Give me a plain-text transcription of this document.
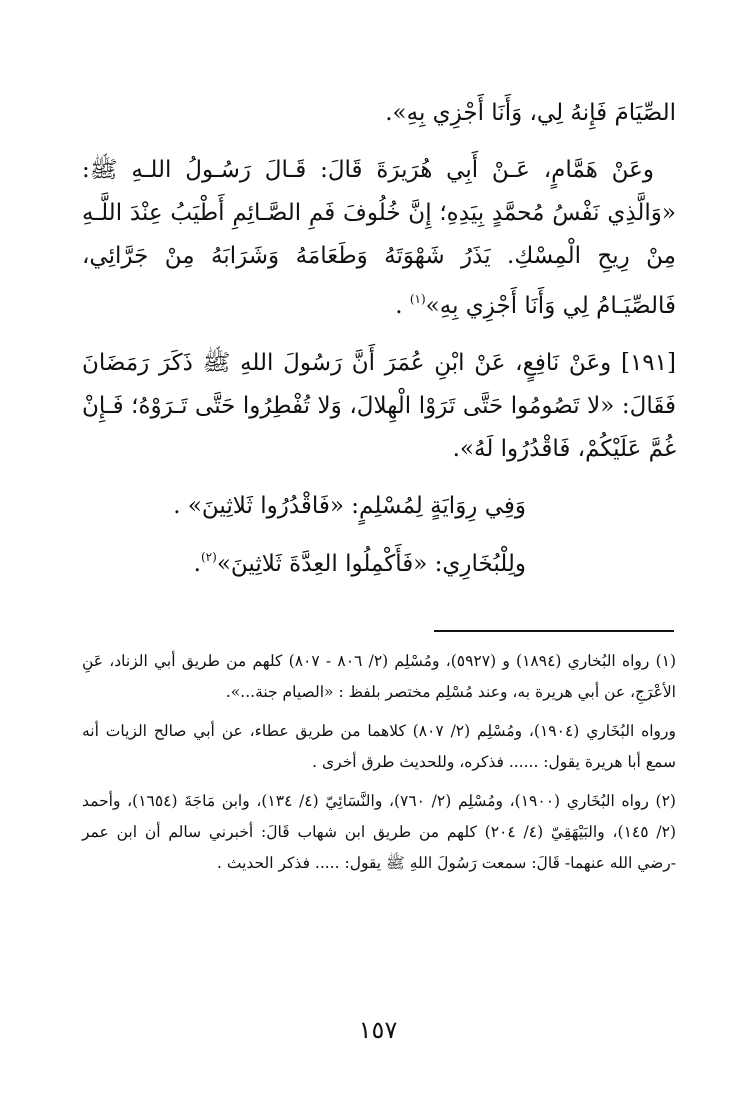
الصِّيَامَ فَإِنهُ لِي، وَأَنَا أَجْزِي بِهِ».

وعَنْ هَمَّامٍ، عَـنْ أَبِي هُرَيرَةَ قَالَ: قَـالَ رَسُـولُ اللـهِ ﷺ: «وَالَّذِي نَفْسُ مُحمَّدٍ بِيَدِهِ؛ إِنَّ خُلُوفَ فَمِ الصَّـائِمِ أَطْيَبُ عِنْدَ اللَّـهِ مِنْ رِيحِ الْمِسْكِ. يَذَرُ شَهْوَتَهُ وَطَعَامَهُ وَشَرَابَهُ مِنْ جَرَّائِي، فَالصِّيَـامُ لِي وَأَنَا أَجْزِي بِهِ»$^{(١)}$ .

[١٩١] وعَنْ نَافِعٍ، عَنْ ابْنِ عُمَرَ أَنَّ رَسُولَ اللهِ ﷺ ذَكَرَ رَمَضَانَ فَقَالَ: «لا تَصُومُوا حَتَّى تَرَوْا الْهِلالَ، وَلا تُفْطِرُوا حَتَّى تَـرَوْهُ؛ فَـإِنْ غُمَّ عَلَيْكُمْ، فَاقْدُرُوا لَهُ».

وَفِي رِوَايَةٍ لِمُسْلِمٍ: «فَاقْدُرُوا ثَلاثِينَ» .

ولِلْبُخَارِي: «فَأَكْمِلُوا العِدَّةَ ثَلاثِينَ»$^{(٢)}$.

(١) رواه البُخاري (١٨٩٤) و (٥٩٢٧)، ومُسْلِم (٢/ ٨٠٦ - ٨٠٧) كلهم من طريق أبي الزناد، عَنِ الأعْرَجِ، عن أبي هريرة به، وعند مُسْلِم مختصر بلفظ : «الصيام جنة...».

ورواه البُخَاري (١٩٠٤)، ومُسْلِم (٢/ ٨٠٧) كلاهما من طريق عطاء، عن أبي صالح الزيات أنه سمع أبا هريرة يقول: ...... فذكره، وللحديث طرق أخرى .

(٢) رواه البُخَاري (١٩٠٠)، ومُسْلِم (٢/ ٧٦٠)، والنَّسَائِيّ (٤/ ١٣٤)، وابن مَاجَةَ (١٦٥٤)، وأحمد (٢/ ١٤٥)، والبَيْهَقِيّ (٤/ ٢٠٤) كلهم من طريق ابن شهاب قَالَ: أخبرني سالم أن ابن عمر -رضي الله عنهما- قَالَ: سمعت رَسُولَ اللهِ ﷺ يقول: ..... فذكر الحديث .

١٥٧
